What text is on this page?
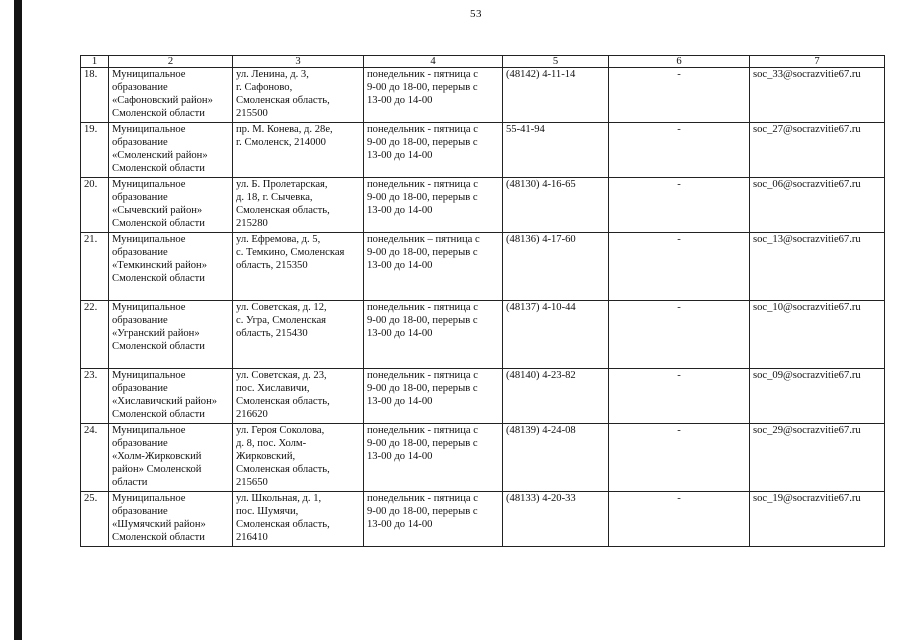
53
1	2	3	4	5	6	7
18.	Муниципальное
образование
«Сафоновский район»
Смоленской области	ул. Ленина, д. 3,
г. Сафоново,
Смоленская область,
215500	понедельник - пятница с
9-00 до 18-00, перерыв с
13-00 до 14-00	(48142) 4-11-14	-	soc_33@socrazvitie67.ru
19.	Муниципальное
образование
«Смоленский район»
Смоленской области	пр. М. Конева, д. 28е,
г. Смоленск, 214000	понедельник - пятница с
9-00 до 18-00, перерыв с
13-00 до 14-00	55-41-94	-	soc_27@socrazvitie67.ru
20.	Муниципальное
образование
«Сычевский район»
Смоленской области	ул. Б. Пролетарская,
д. 18, г. Сычевка,
Смоленская область,
215280	понедельник - пятница с
9-00 до 18-00, перерыв с
13-00 до 14-00	(48130) 4-16-65	-	soc_06@socrazvitie67.ru
21.	Муниципальное
образование
«Темкинский район»
Смоленской области	ул. Ефремова, д. 5,
с. Темкино, Смоленская
область, 215350	понедельник – пятница с
9-00 до 18-00, перерыв с
13-00 до 14-00	(48136) 4-17-60	-	soc_13@socrazvitie67.ru
22.	Муниципальное
образование
«Угранский район»
Смоленской области	ул. Советская, д. 12,
с. Угра, Смоленская
область, 215430	понедельник - пятница с
9-00 до 18-00, перерыв с
13-00 до 14-00	(48137) 4-10-44	-	soc_10@socrazvitie67.ru
23.	Муниципальное
образование
«Хиславичский район»
Смоленской области	ул. Советская, д. 23,
пос. Хиславичи,
Смоленская область,
216620	понедельник - пятница с
9-00 до 18-00, перерыв с
13-00 до 14-00	(48140) 4-23-82	-	soc_09@socrazvitie67.ru
24.	Муниципальное
образование
«Холм-Жирковский
район» Смоленской
области	ул. Героя Соколова,
д. 8, пос. Холм-
Жирковский,
Смоленская область,
215650	понедельник - пятница с
9-00 до 18-00, перерыв с
13-00 до 14-00	(48139) 4-24-08	-	soc_29@socrazvitie67.ru
25.	Муниципальное
образование
«Шумячский район»
Смоленской области	ул. Школьная, д. 1,
пос. Шумячи,
Смоленская область,
216410	понедельник - пятница с
9-00 до 18-00, перерыв с
13-00 до 14-00	(48133) 4-20-33	-	soc_19@socrazvitie67.ru
